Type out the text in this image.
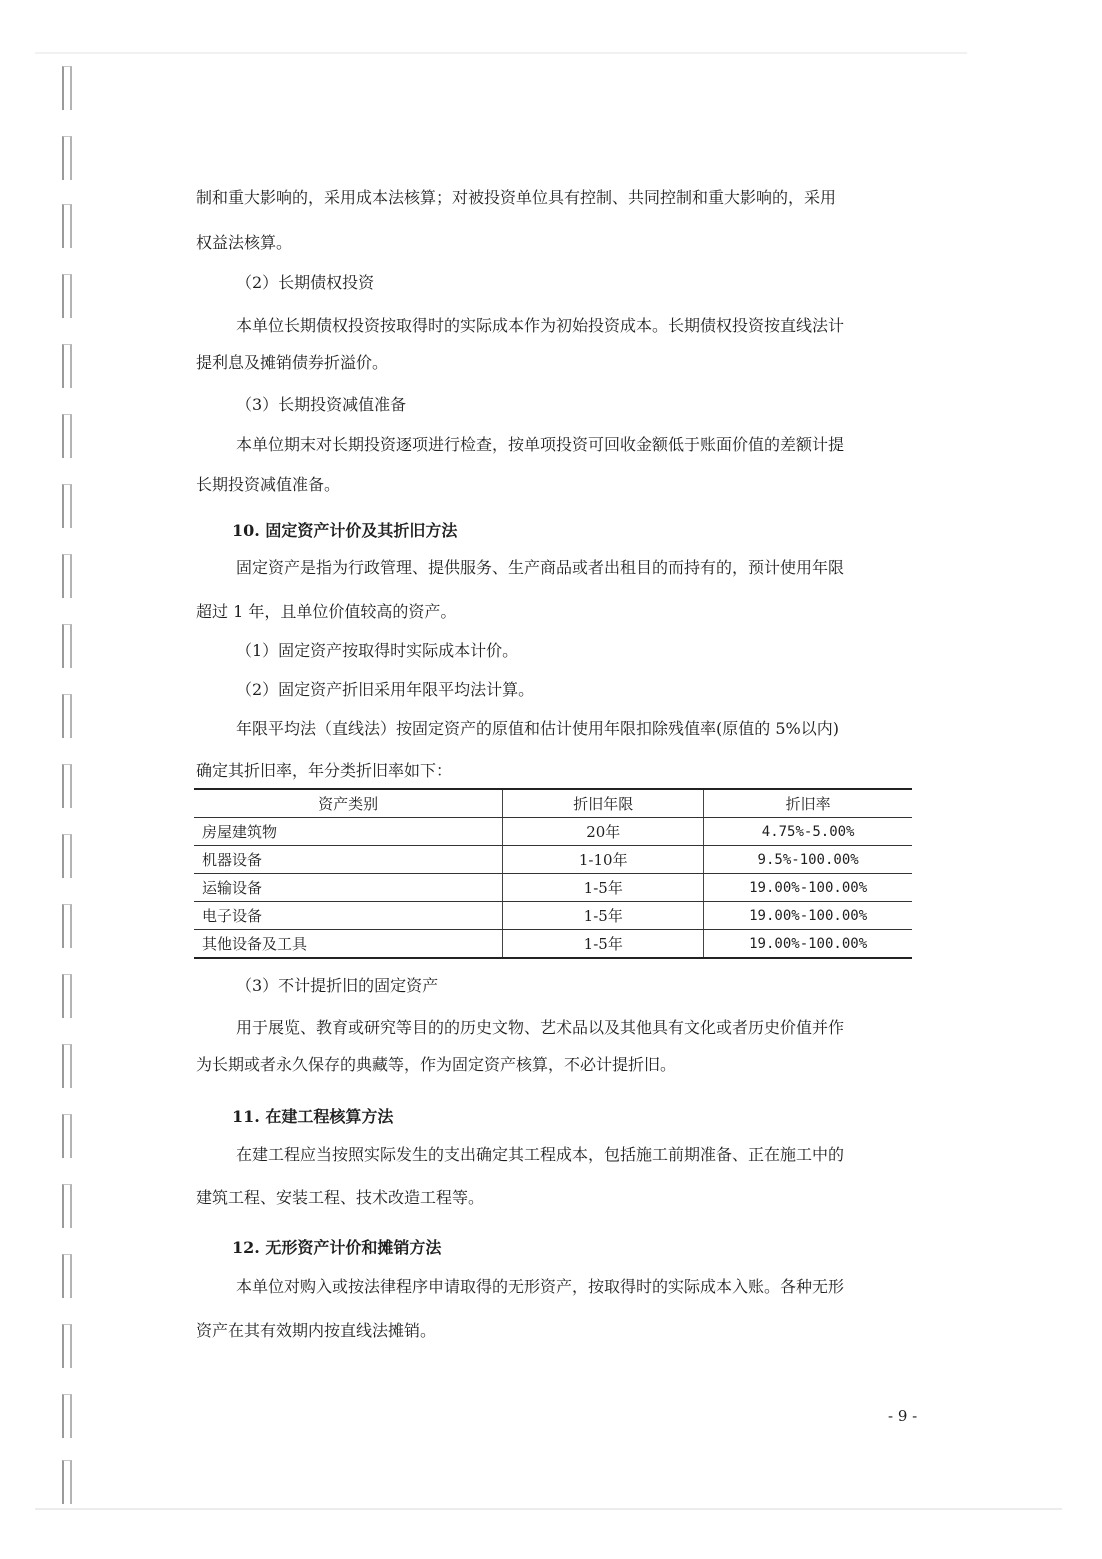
制和重大影响的，采用成本法核算；对被投资单位具有控制、共同控制和重大影响的，采用
权益法核算。
（2）长期债权投资
本单位长期债权投资按取得时的实际成本作为初始投资成本。长期债权投资按直线法计
提利息及摊销债券折溢价。
（3）长期投资减值准备
本单位期末对长期投资逐项进行检查，按单项投资可回收金额低于账面价值的差额计提
长期投资减值准备。
10. 固定资产计价及其折旧方法
固定资产是指为行政管理、提供服务、生产商品或者出租目的而持有的，预计使用年限
超过 1 年，且单位价值较高的资产。
（1）固定资产按取得时实际成本计价。
（2）固定资产折旧采用年限平均法计算。
年限平均法（直线法）按固定资产的原值和估计使用年限扣除残值率(原值的 5%以内)
确定其折旧率，年分类折旧率如下：
资产类别	折旧年限	折旧率
房屋建筑物	20年	4.75%-5.00%
机器设备	1-10年	9.5%-100.00%
运输设备	1-5年	19.00%-100.00%
电子设备	1-5年	19.00%-100.00%
其他设备及工具	1-5年	19.00%-100.00%
（3）不计提折旧的固定资产
用于展览、教育或研究等目的的历史文物、艺术品以及其他具有文化或者历史价值并作
为长期或者永久保存的典藏等，作为固定资产核算，不必计提折旧。
11. 在建工程核算方法
在建工程应当按照实际发生的支出确定其工程成本，包括施工前期准备、正在施工中的
建筑工程、安装工程、技术改造工程等。
12. 无形资产计价和摊销方法
本单位对购入或按法律程序申请取得的无形资产，按取得时的实际成本入账。各种无形
资产在其有效期内按直线法摊销。
- 9 -
